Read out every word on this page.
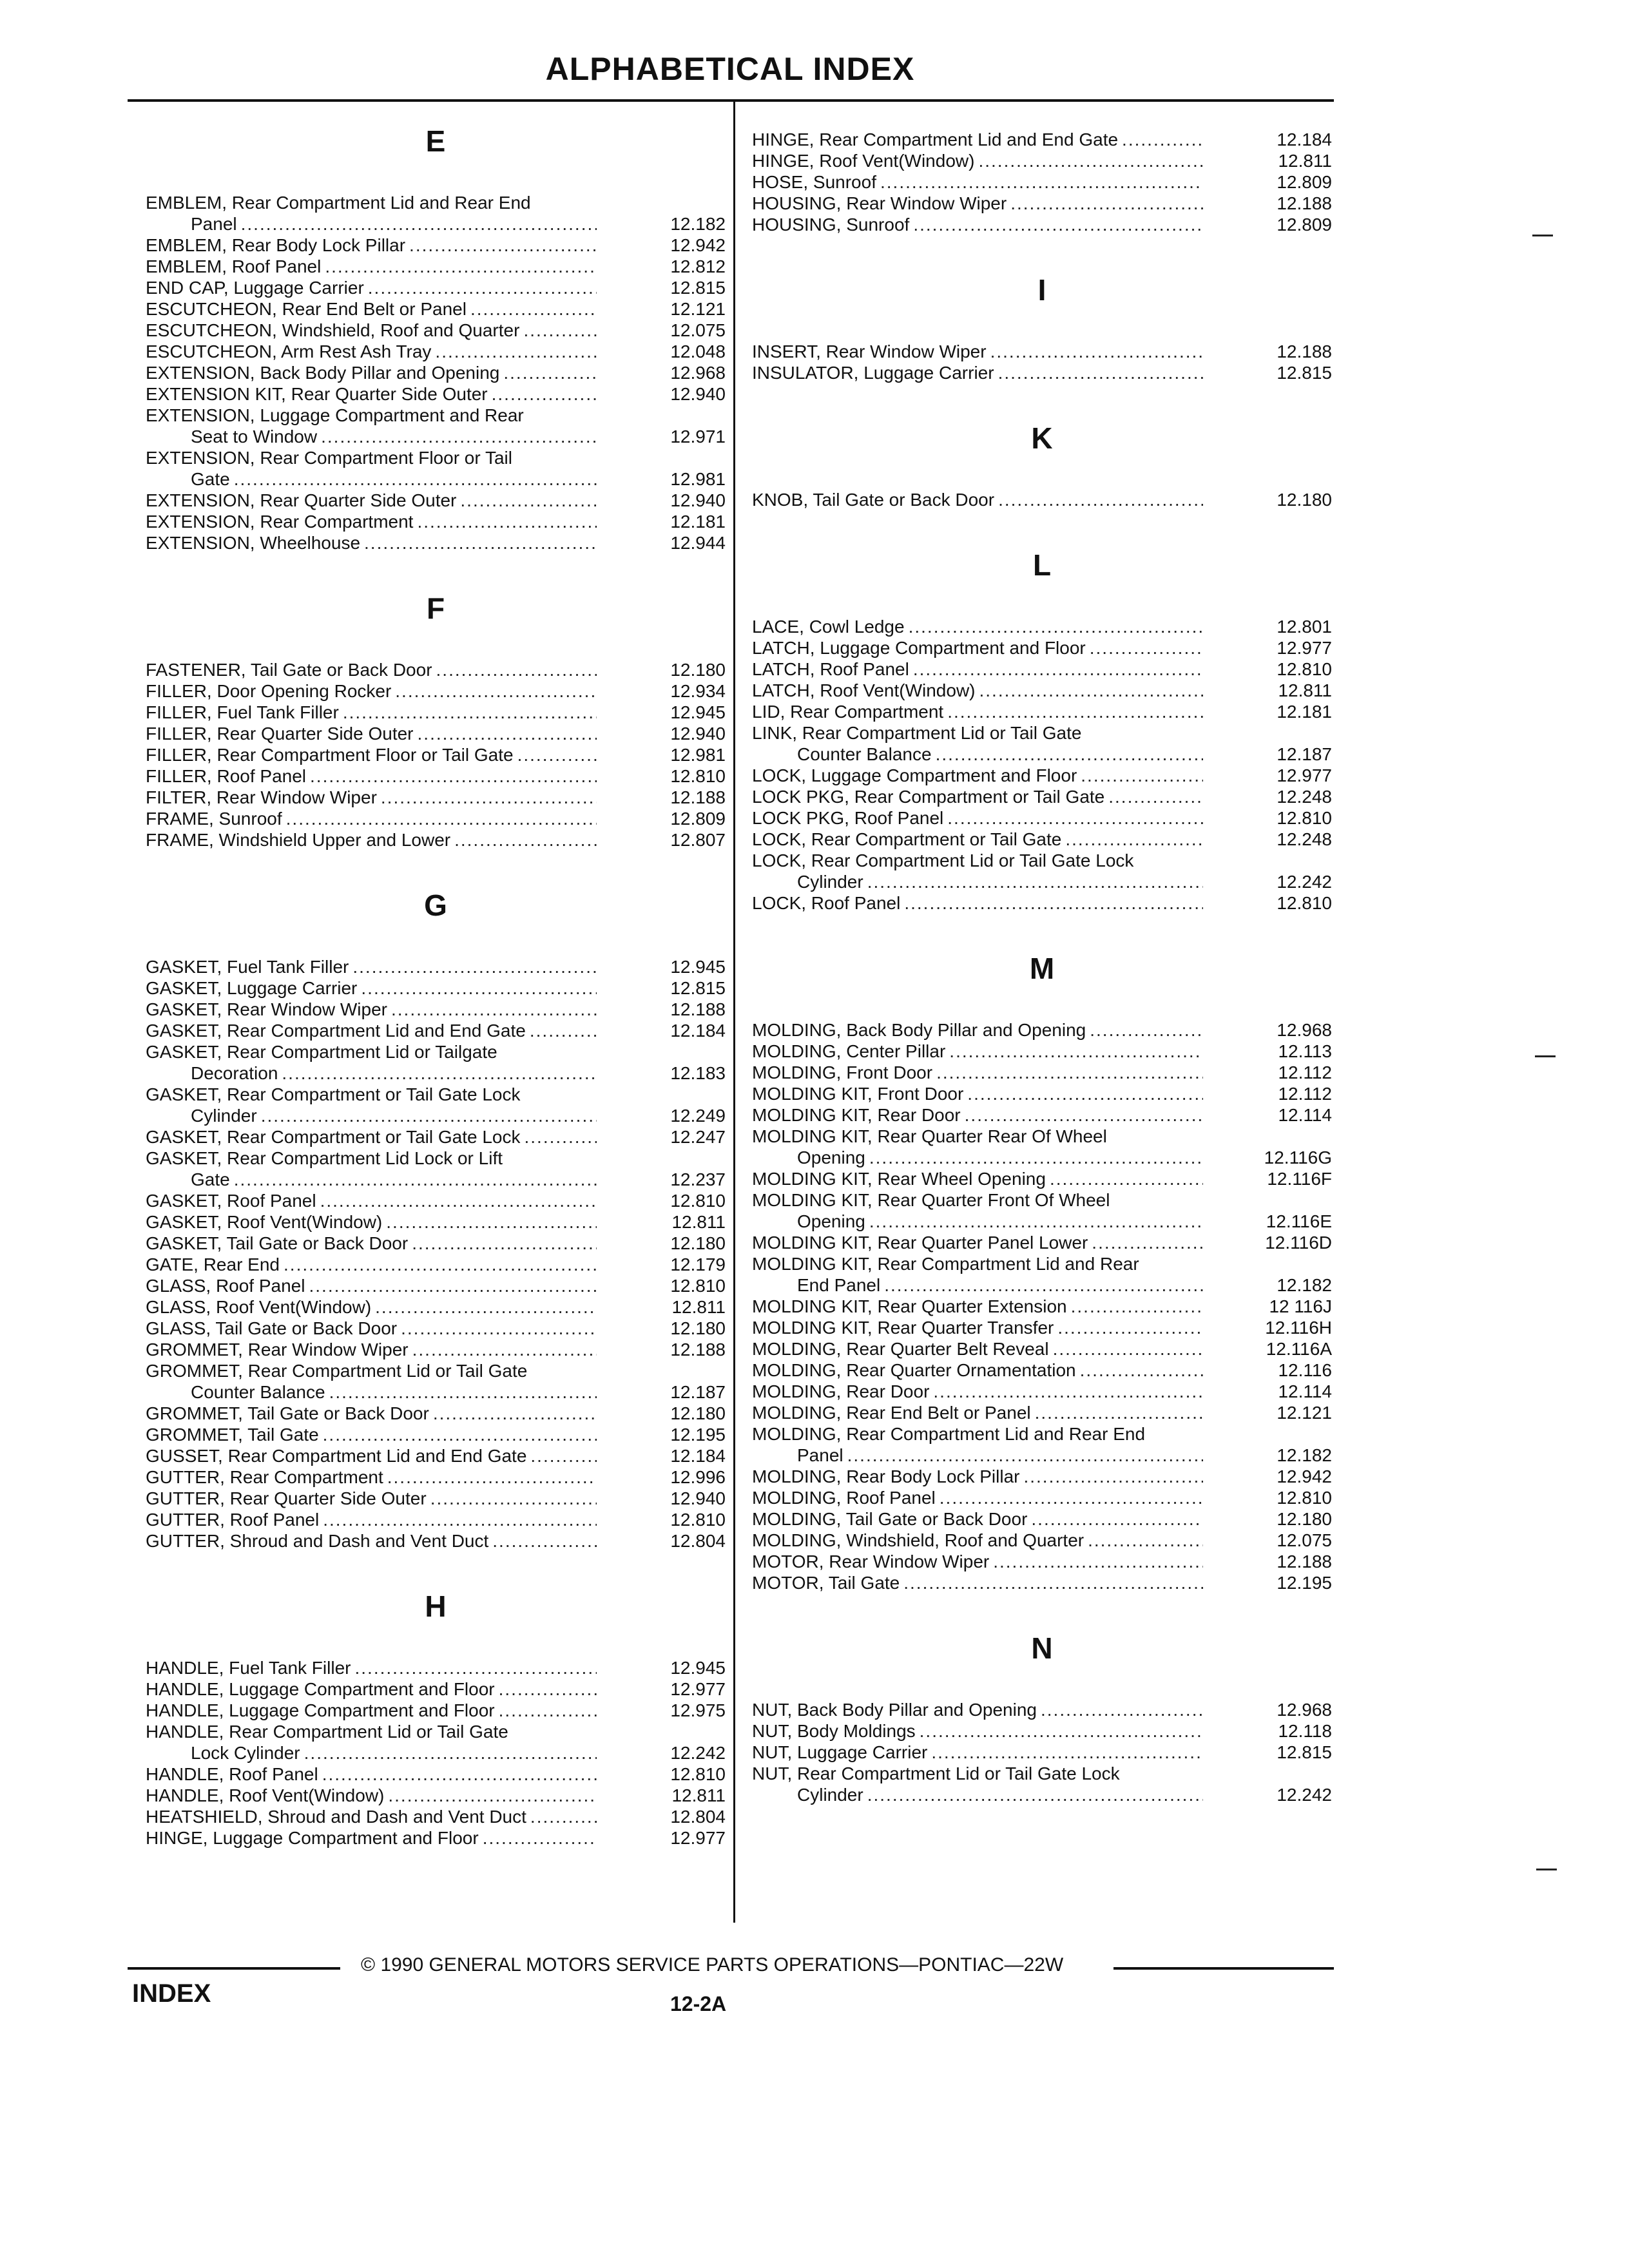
ALPHABETICAL INDEX
E
EMBLEM, Rear Compartment Lid and Rear End
Panel .....	12.182
EMBLEM, Rear Body Lock Pillar .....	12.942
EMBLEM, Roof Panel .....	12.812
END CAP, Luggage Carrier .....	12.815
ESCUTCHEON, Rear End Belt or Panel .....	12.121
ESCUTCHEON, Windshield, Roof and Quarter .....	12.075
ESCUTCHEON, Arm Rest Ash Tray .....	12.048
EXTENSION, Back Body Pillar and Opening .....	12.968
EXTENSION KIT, Rear Quarter Side Outer .....	12.940
EXTENSION, Luggage Compartment and Rear
Seat to Window .....	12.971
EXTENSION, Rear Compartment Floor or Tail
Gate .....	12.981
EXTENSION, Rear Quarter Side Outer .....	12.940
EXTENSION, Rear Compartment .....	12.181
EXTENSION, Wheelhouse .....	12.944
F
FASTENER, Tail Gate or Back Door .....	12.180
FILLER, Door Opening Rocker .....	12.934
FILLER, Fuel Tank Filler .....	12.945
FILLER, Rear Quarter Side Outer .....	12.940
FILLER, Rear Compartment Floor or Tail Gate .....	12.981
FILLER, Roof Panel .....	12.810
FILTER, Rear Window Wiper .....	12.188
FRAME, Sunroof .....	12.809
FRAME, Windshield Upper and Lower .....	12.807
G
GASKET, Fuel Tank Filler .....	12.945
GASKET, Luggage Carrier .....	12.815
GASKET, Rear Window Wiper .....	12.188
GASKET, Rear Compartment Lid and End Gate .....	12.184
GASKET, Rear Compartment Lid or Tailgate
Decoration .....	12.183
GASKET, Rear Compartment or Tail Gate Lock
Cylinder .....	12.249
GASKET, Rear Compartment or Tail Gate Lock .....	12.247
GASKET, Rear Compartment Lid Lock or Lift
Gate .....	12.237
GASKET, Roof Panel .....	12.810
GASKET, Roof Vent(Window) .....	12.811
GASKET, Tail Gate or Back Door .....	12.180
GATE, Rear End .....	12.179
GLASS, Roof Panel .....	12.810
GLASS, Roof Vent(Window) .....	12.811
GLASS, Tail Gate or Back Door .....	12.180
GROMMET, Rear Window Wiper .....	12.188
GROMMET, Rear Compartment Lid or Tail Gate
Counter Balance .....	12.187
GROMMET, Tail Gate or Back Door .....	12.180
GROMMET, Tail Gate .....	12.195
GUSSET, Rear Compartment Lid and End Gate .....	12.184
GUTTER, Rear Compartment .....	12.996
GUTTER, Rear Quarter Side Outer .....	12.940
GUTTER, Roof Panel .....	12.810
GUTTER, Shroud and Dash and Vent Duct .....	12.804
H
HANDLE, Fuel Tank Filler .....	12.945
HANDLE, Luggage Compartment and Floor .....	12.977
HANDLE, Luggage Compartment and Floor .....	12.975
HANDLE, Rear Compartment Lid or Tail Gate
Lock Cylinder .....	12.242
HANDLE, Roof Panel .....	12.810
HANDLE, Roof Vent(Window) .....	12.811
HEATSHIELD, Shroud and Dash and Vent Duct .....	12.804
HINGE, Luggage Compartment and Floor .....	12.977
HINGE, Rear Compartment Lid and End Gate .....	12.184
HINGE, Roof Vent(Window) .....	12.811
HOSE, Sunroof .....	12.809
HOUSING, Rear Window Wiper .....	12.188
HOUSING, Sunroof .....	12.809
I
INSERT, Rear Window Wiper .....	12.188
INSULATOR, Luggage Carrier .....	12.815
K
KNOB, Tail Gate or Back Door .....	12.180
L
LACE, Cowl Ledge .....	12.801
LATCH, Luggage Compartment and Floor .....	12.977
LATCH, Roof Panel .....	12.810
LATCH, Roof Vent(Window) .....	12.811
LID, Rear Compartment .....	12.181
LINK, Rear Compartment Lid or Tail Gate
Counter Balance .....	12.187
LOCK, Luggage Compartment and Floor .....	12.977
LOCK PKG, Rear Compartment or Tail Gate .....	12.248
LOCK PKG, Roof Panel .....	12.810
LOCK, Rear Compartment or Tail Gate .....	12.248
LOCK, Rear Compartment Lid or Tail Gate Lock
Cylinder .....	12.242
LOCK, Roof Panel .....	12.810
M
MOLDING, Back Body Pillar and Opening .....	12.968
MOLDING, Center Pillar .....	12.113
MOLDING, Front Door .....	12.112
MOLDING KIT, Front Door .....	12.112
MOLDING KIT, Rear Door .....	12.114
MOLDING KIT, Rear Quarter Rear Of Wheel
Opening .....	12.116G
MOLDING KIT, Rear Wheel Opening .....	12.116F
MOLDING KIT, Rear Quarter Front Of Wheel
Opening .....	12.116E
MOLDING KIT, Rear Quarter Panel Lower .....	12.116D
MOLDING KIT, Rear Compartment Lid and Rear
End Panel .....	12.182
MOLDING KIT, Rear Quarter Extension .....	12 116J
MOLDING KIT, Rear Quarter Transfer .....	12.116H
MOLDING, Rear Quarter Belt Reveal .....	12.116A
MOLDING, Rear Quarter Ornamentation .....	12.116
MOLDING, Rear Door .....	12.114
MOLDING, Rear End Belt or Panel .....	12.121
MOLDING, Rear Compartment Lid and Rear End
Panel .....	12.182
MOLDING, Rear Body Lock Pillar .....	12.942
MOLDING, Roof Panel .....	12.810
MOLDING, Tail Gate or Back Door .....	12.180
MOLDING, Windshield, Roof and Quarter .....	12.075
MOTOR, Rear Window Wiper .....	12.188
MOTOR, Tail Gate .....	12.195
N
NUT, Back Body Pillar and Opening .....	12.968
NUT, Body Moldings .....	12.118
NUT, Luggage Carrier .....	12.815
NUT, Rear Compartment Lid or Tail Gate Lock
Cylinder .....	12.242
© 1990 GENERAL MOTORS SERVICE PARTS OPERATIONS—PONTIAC—22W
INDEX	12-2A
